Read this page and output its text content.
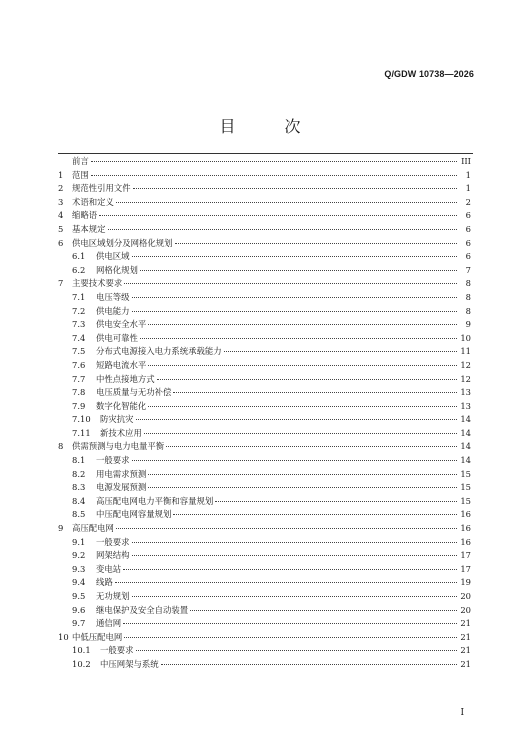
Q/GDW 10738—2026
目 次
前言	III
1	范围	1
2	规范性引用文件	1
3	术语和定义	2
4	缩略语	6
5	基本规定	6
6	供电区域划分及网格化规划	6
6.1	供电区域	6
6.2	网格化规划	7
7	主要技术要求	8
7.1	电压等级	8
7.2	供电能力	8
7.3	供电安全水平	9
7.4	供电可靠性	10
7.5	分布式电源接入电力系统承载能力	11
7.6	短路电流水平	12
7.7	中性点接地方式	12
7.8	电压质量与无功补偿	13
7.9	数字化智能化	13
7.10	防灾抗灾	14
7.11	新技术应用	14
8	供需预测与电力电量平衡	14
8.1	一般要求	14
8.2	用电需求预测	15
8.3	电源发展预测	15
8.4	高压配电网电力平衡和容量规划	15
8.5	中压配电网容量规划	16
9	高压配电网	16
9.1	一般要求	16
9.2	网架结构	17
9.3	变电站	17
9.4	线路	19
9.5	无功规划	20
9.6	继电保护及安全自动装置	20
9.7	通信网	21
10 中低压配电网	21
10.1	一般要求	21
10.2	中压网架与系统	21
I
